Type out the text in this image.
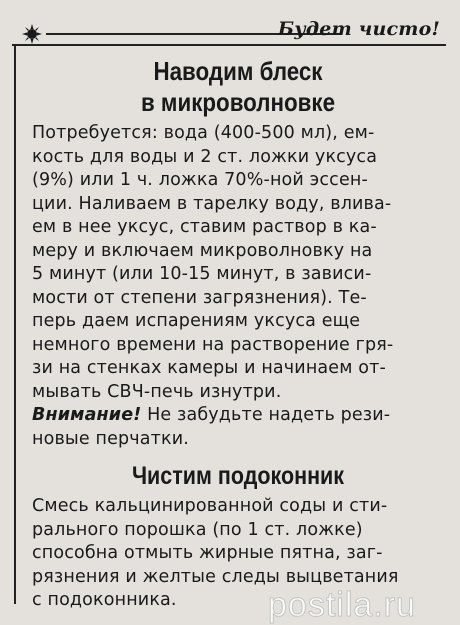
Будет чисто!
Наводим блеск
в микроволновке

Потребуется: вода (400-500 мл), ем-
кость для воды и 2 ст. ложки уксуса
(9%) или 1 ч. ложка 70%-ной эссен-
ции. Наливаем в тарелку воду, влива-
ем в нее уксус, ставим раствор в ка-
меру и включаем микроволновку на
5 минут (или 10-15 минут, в зависи-
мости от степени загрязнения). Те-
перь даем испарениям уксуса еще
немного времени на растворение гря-
зи на стенках камеры и начинаем от-
мывать СВЧ-печь изнутри.
Внимание! Не забудьте надеть рези-
новые перчатки.

Чистим подоконник

Смесь кальцинированной соды и сти-
рального порошка (по 1 ст. ложке)
способна отмыть жирные пятна, заг-
рязнения и желтые следы выцветания
с подоконника.	postila.ru
